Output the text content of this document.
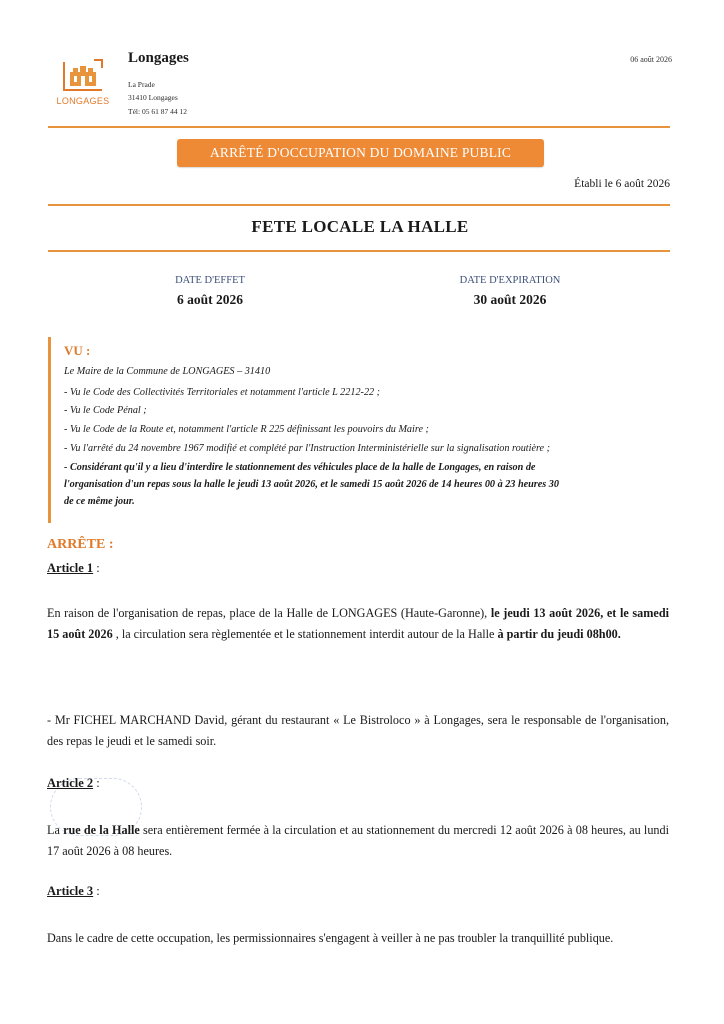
LONGAGES
Longages
La Prade
31410 Longages
Tél: 05 61 87 44 12
06 août 2026
ARRÊTÉ D'OCCUPATION DU DOMAINE PUBLIC
Établi le 6 août 2026
FETE LOCALE LA HALLE
DATE D'EFFET
6 août 2026
DATE D'EXPIRATION
30 août 2026
VU :
Le Maire de la Commune de LONGAGES – 31410
- Vu le Code des Collectivités Territoriales et notamment l'article L 2212-22 ;
- Vu le Code Pénal ;
- Vu le Code de la Route et, notamment l'article R 225 définissant les pouvoirs du Maire ;
- Vu l'arrêté du 24 novembre 1967 modifié et complété par l'Instruction Interministérielle sur la signalisation routière ;
- Considérant qu'il y a lieu d'interdire le stationnement des véhicules place de la halle de Longages, en raison de
l'organisation d'un repas sous la halle le jeudi 13 août 2026, et le samedi 15 août 2026 de 14 heures 00 à 23 heures 30
de ce même jour.
ARRÊTE :
Article 1 :
En raison de l'organisation de repas, place de la Halle de LONGAGES (Haute-Garonne), le jeudi 13 août 2026, et le samedi 15 août 2026 , la circulation sera règlementée et le stationnement interdit autour de la Halle à partir du jeudi 08h00.
- Mr FICHEL MARCHAND David, gérant du restaurant « Le Bistroloco » à Longages, sera le responsable de l'organisation, des repas le jeudi et le samedi soir.
Article 2 :
La rue de la Halle sera entièrement fermée à la circulation et au stationnement du mercredi 12 août 2026 à 08 heures, au lundi 17 août 2026 à 08 heures.
Article 3 :
Dans le cadre de cette occupation, les permissionnaires s'engagent à veiller à ne pas troubler la tranquillité publique.
